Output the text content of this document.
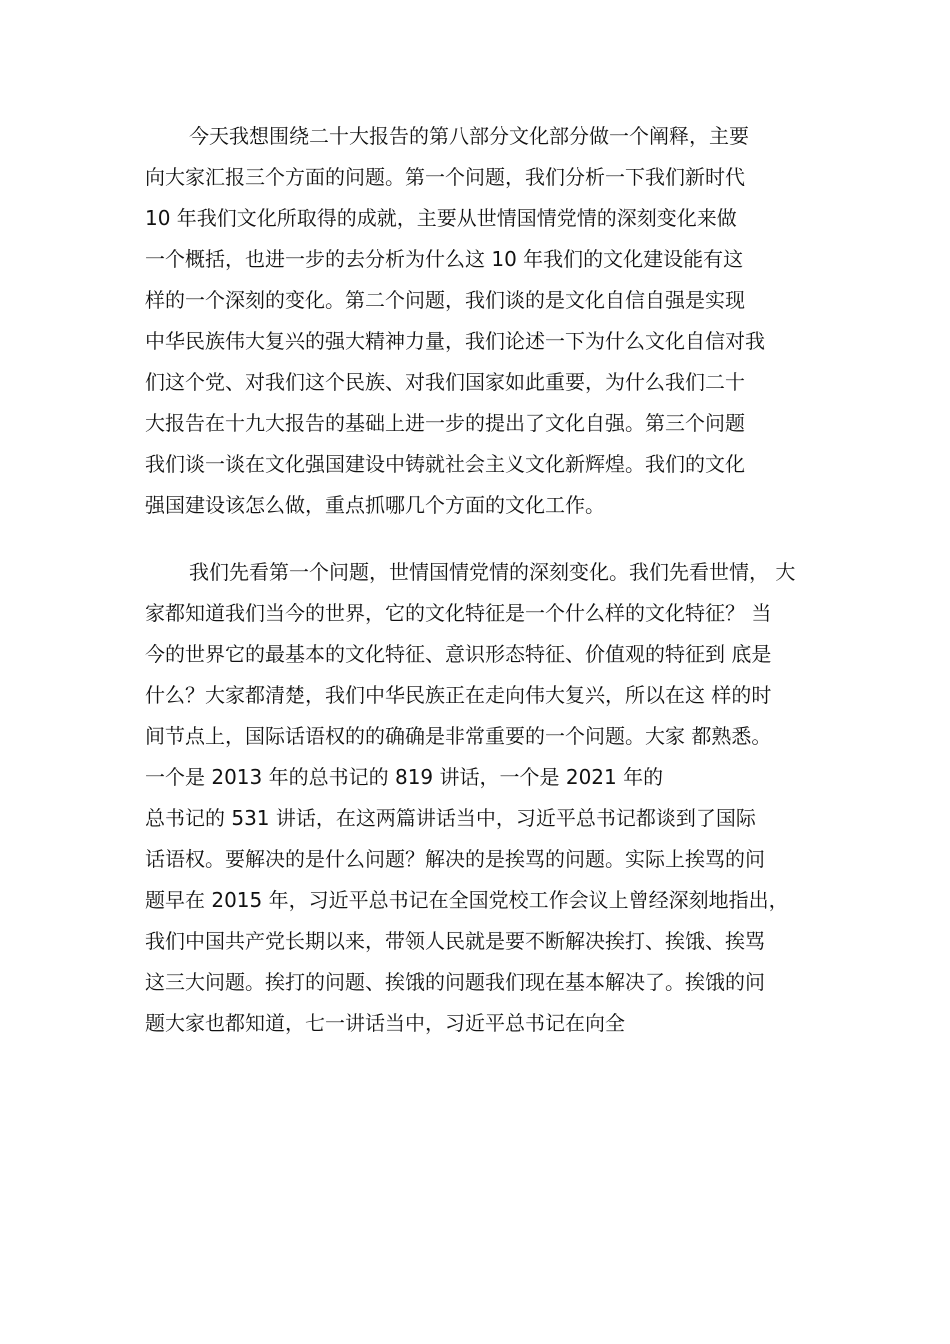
今天我想围绕二十大报告的第八部分文化部分做一个阐释，主要
向大家汇报三个方面的问题。第一个问题，我们分析一下我们新时代
10 年我们文化所取得的成就，主要从世情国情党情的深刻变化来做
一个概括，也进一步的去分析为什么这 10 年我们的文化建设能有这
样的一个深刻的变化。第二个问题，我们谈的是文化自信自强是实现
中华民族伟大复兴的强大精神力量，我们论述一下为什么文化自信对我
们这个党、对我们这个民族、对我们国家如此重要，为什么我们二十
大报告在十九大报告的基础上进一步的提出了文化自强。第三个问题
我们谈一谈在文化强国建设中铸就社会主义文化新辉煌。我们的文化
强国建设该怎么做，重点抓哪几个方面的文化工作。
我们先看第一个问题，世情国情党情的深刻变化。我们先看世情， 大
家都知道我们当今的世界，它的文化特征是一个什么样的文化特征？ 当
今的世界它的最基本的文化特征、意识形态特征、价值观的特征到 底是
什么？大家都清楚，我们中华民族正在走向伟大复兴，所以在这 样的时
间节点上，国际话语权的的确确是非常重要的一个问题。大家 都熟悉。
一个是 2013 年的总书记的 819 讲话，一个是 2021 年的
总书记的 531 讲话，在这两篇讲话当中，习近平总书记都谈到了国际
话语权。要解决的是什么问题？解决的是挨骂的问题。实际上挨骂的问
题早在 2015 年，习近平总书记在全国党校工作会议上曾经深刻地指出，
我们中国共产党长期以来，带领人民就是要不断解决挨打、挨饿、挨骂
这三大问题。挨打的问题、挨饿的问题我们现在基本解决了。挨饿的问
题大家也都知道，七一讲话当中，习近平总书记在向全
